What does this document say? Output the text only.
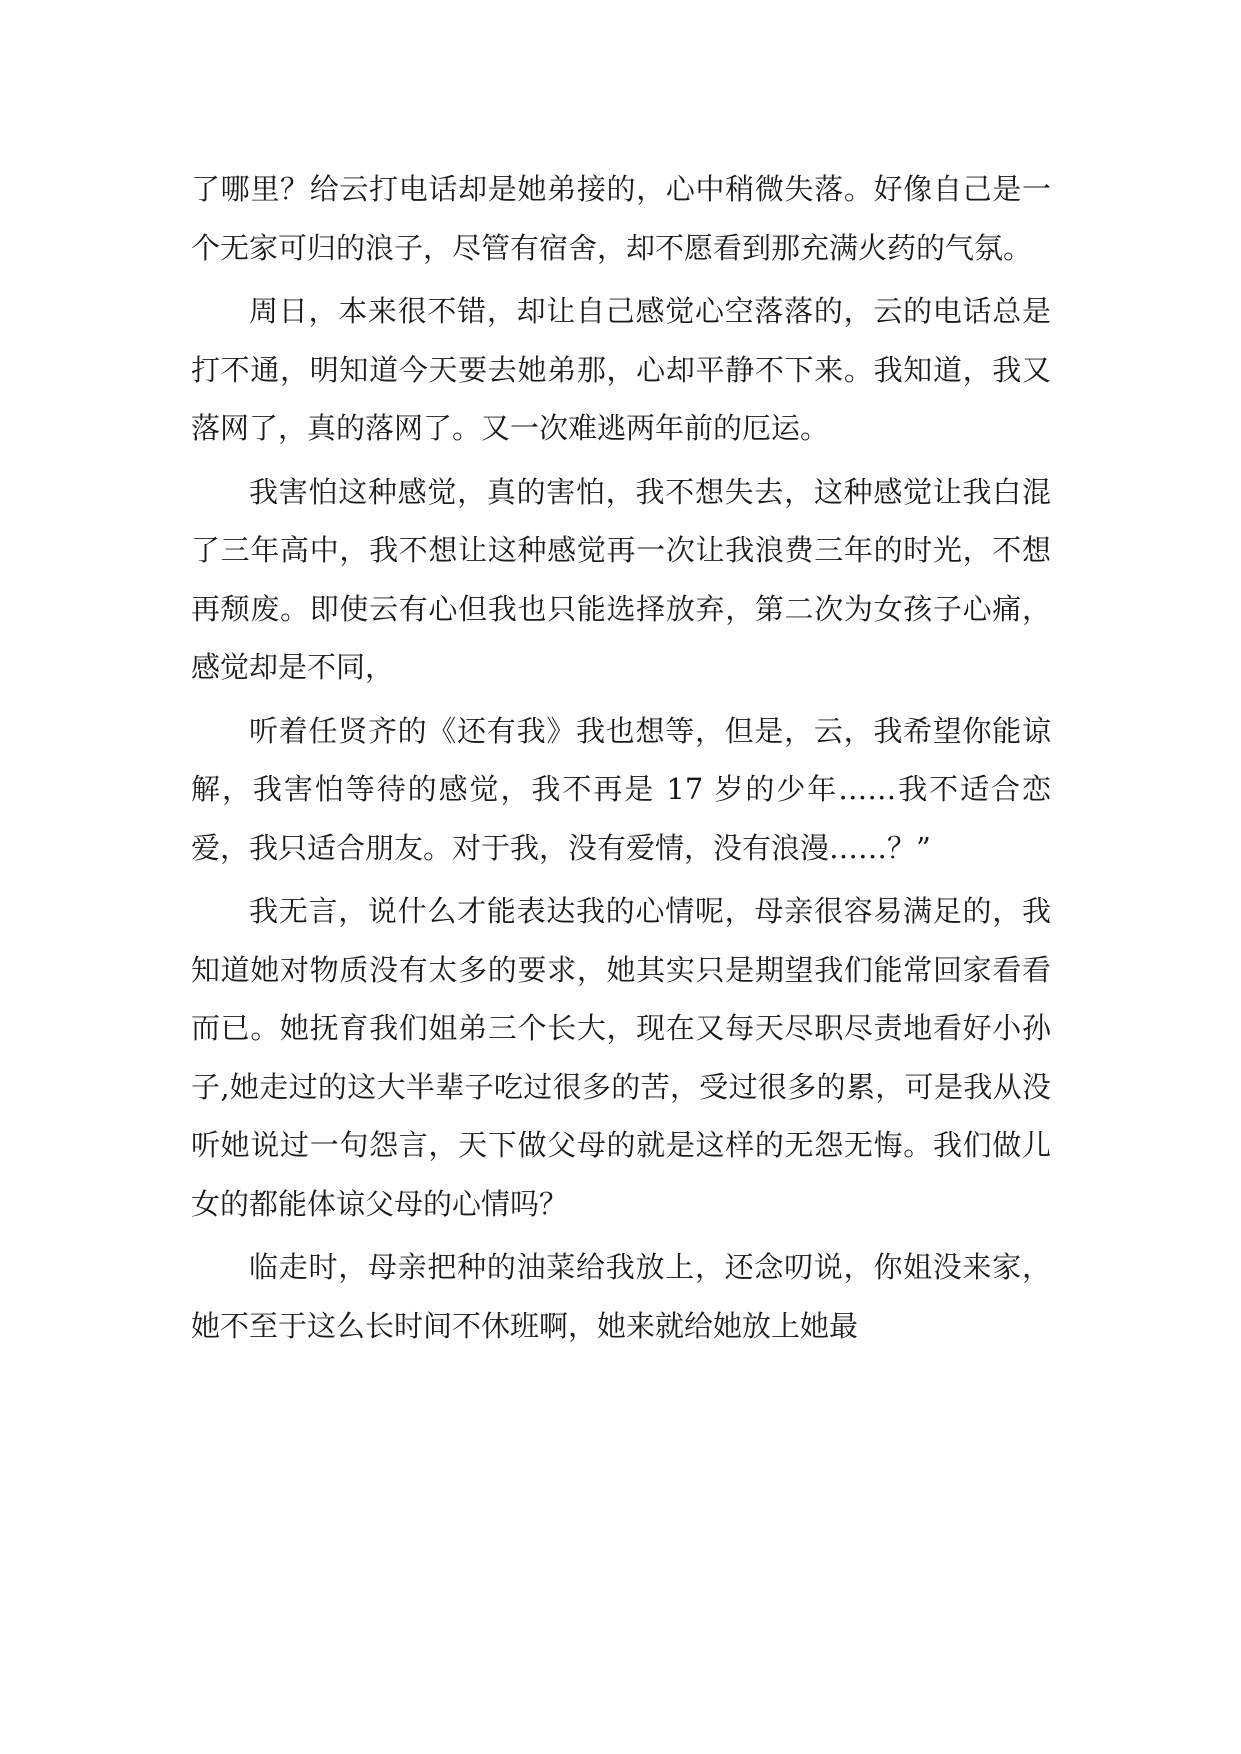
了哪里？给云打电话却是她弟接的，心中稍微失落。好像自己是一个无家可归的浪子，尽管有宿舍，却不愿看到那充满火药的气氛。

周日，本来很不错，却让自己感觉心空落落的，云的电话总是打不通，明知道今天要去她弟那，心却平静不下来。我知道，我又落网了，真的落网了。又一次难逃两年前的厄运。

我害怕这种感觉，真的害怕，我不想失去，这种感觉让我白混了三年高中，我不想让这种感觉再一次让我浪费三年的时光，不想再颓废。即使云有心但我也只能选择放弃，第二次为女孩子心痛，感觉却是不同，

听着任贤齐的《还有我》我也想等，但是，云，我希望你能谅解，我害怕等待的感觉，我不再是 17 岁的少年……我不适合恋爱，我只适合朋友。对于我，没有爱情，没有浪漫……？”

我无言，说什么才能表达我的心情呢，母亲很容易满足的，我知道她对物质没有太多的要求，她其实只是期望我们能常回家看看而已。她抚育我们姐弟三个长大，现在又每天尽职尽责地看好小孙子,她走过的这大半辈子吃过很多的苦，受过很多的累，可是我从没听她说过一句怨言，天下做父母的就是这样的无怨无悔。我们做儿女的都能体谅父母的心情吗？

临走时，母亲把种的油菜给我放上，还念叨说，你姐没来家，她不至于这么长时间不休班啊，她来就给她放上她最
